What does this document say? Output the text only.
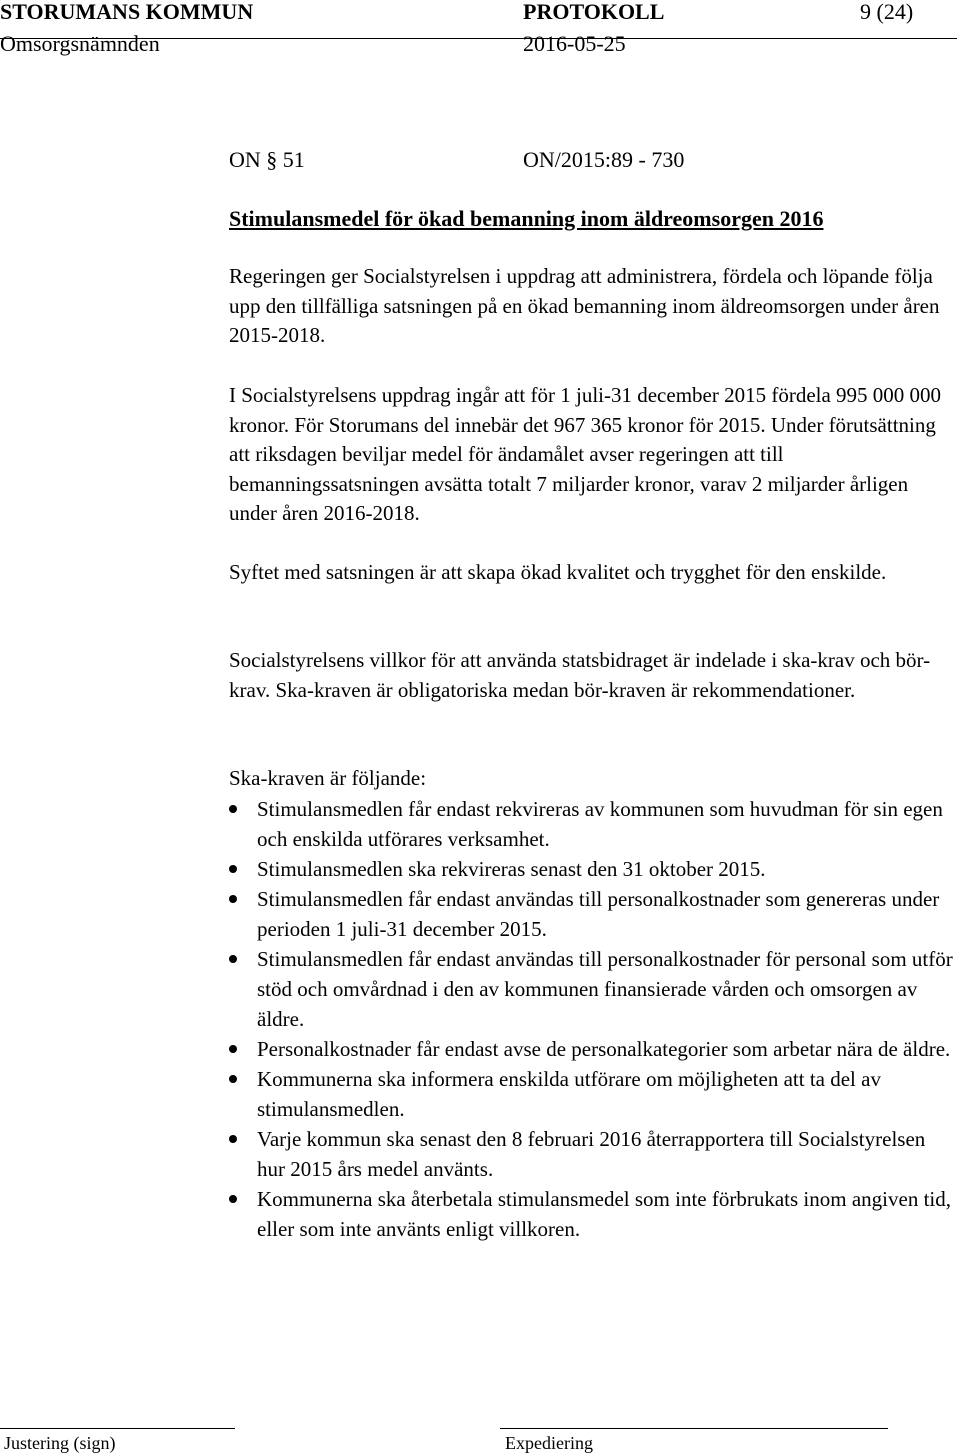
STORUMANS KOMMUN	PROTOKOLL	9 (24)
Omsorgsnämnden	2016-05-25
ON § 51	ON/2015:89 - 730
Stimulansmedel för ökad bemanning inom äldreomsorgen 2016

Regeringen ger Socialstyrelsen i uppdrag att administrera, fördela och löpande följa upp den tillfälliga satsningen på en ökad bemanning inom äldreomsorgen under åren 2015-2018.

I Socialstyrelsens uppdrag ingår att för 1 juli-31 december 2015 fördela 995 000 000 kronor. För Storumans del innebär det 967 365 kronor för 2015. Under förutsättning att riksdagen beviljar medel för ändamålet avser regeringen att till bemanningssatsningen avsätta totalt 7 miljarder kronor, varav 2 miljarder årligen under åren 2016-2018.

Syftet med satsningen är att skapa ökad kvalitet och trygghet för den enskilde.

Socialstyrelsens villkor för att använda statsbidraget är indelade i ska-krav och bör-krav. Ska-kraven är obligatoriska medan bör-kraven är rekommendationer.

Ska-kraven är följande:

Stimulansmedlen får endast rekvireras av kommunen som huvudman för sin egen och enskilda utförares verksamhet.
Stimulansmedlen ska rekvireras senast den 31 oktober 2015.
Stimulansmedlen får endast användas till personalkostnader som genereras under perioden 1 juli-31 december 2015.
Stimulansmedlen får endast användas till personalkostnader för personal som utför stöd och omvårdnad i den av kommunen finansierade vården och omsorgen av äldre.
Personalkostnader får endast avse de personalkategorier som arbetar nära de äldre.
Kommunerna ska informera enskilda utförare om möjligheten att ta del av stimulansmedlen.
Varje kommun ska senast den 8 februari 2016 återrapportera till Socialstyrelsen hur 2015 års medel använts.
Kommunerna ska återbetala stimulansmedel som inte förbrukats inom angiven tid, eller som inte använts enligt villkoren.
Justering (sign)	Expediering
